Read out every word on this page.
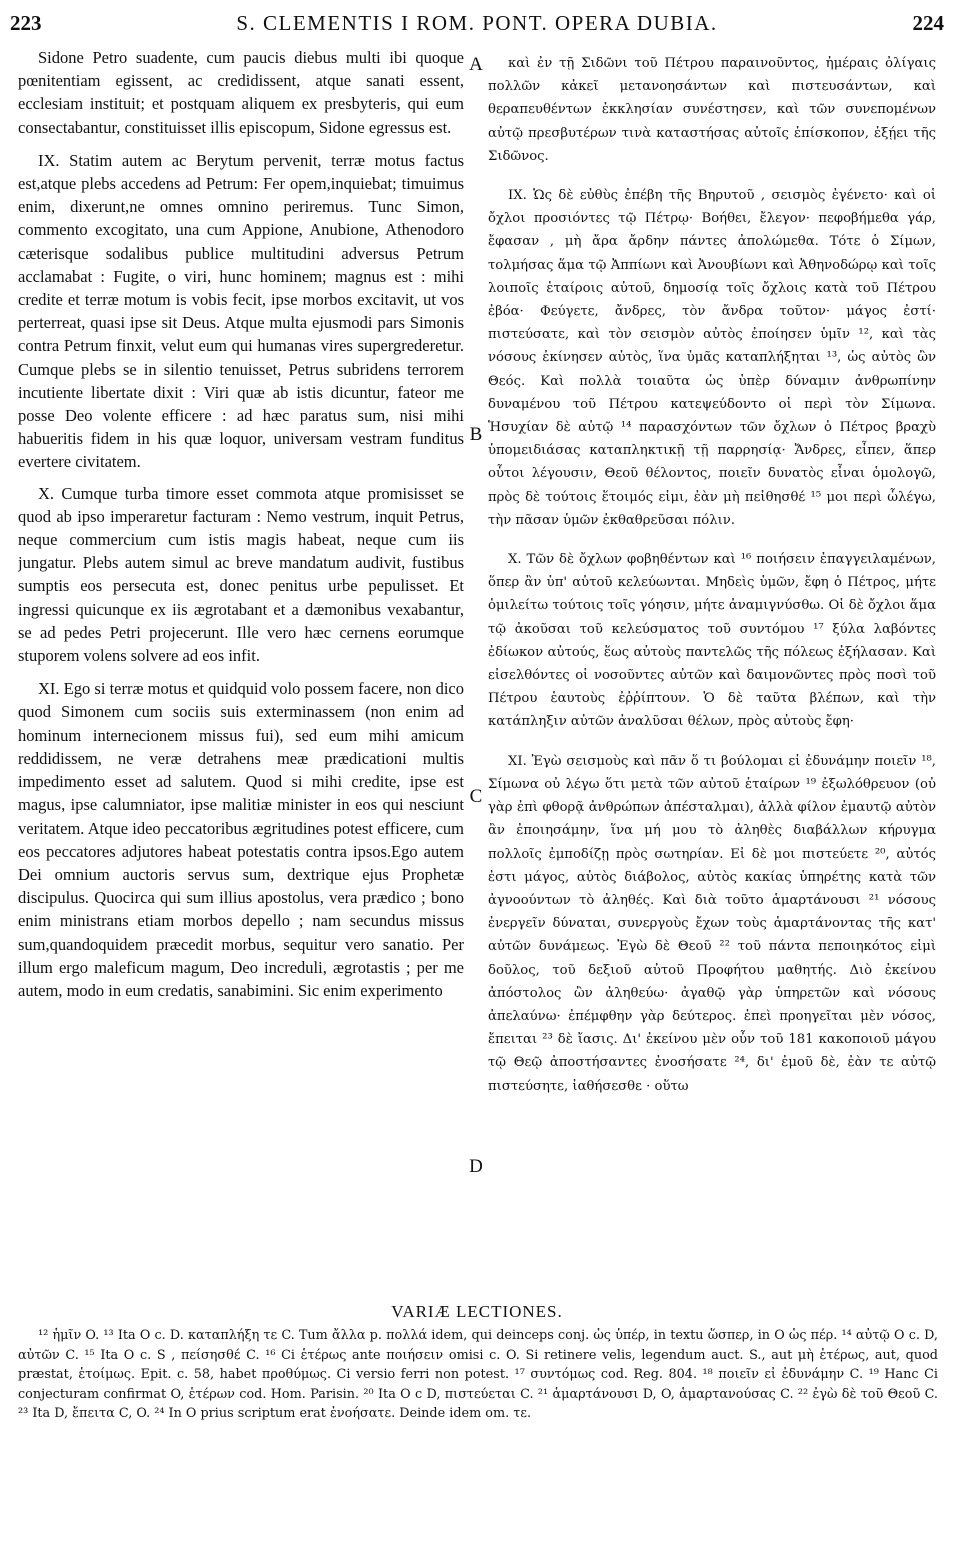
223	S. CLEMENTIS I ROM. PONT. OPERA DUBIA.	224

Sidone Petro suadente, cum paucis diebus multi ibi quoque pœnitentiam egissent, ac credidissent, atque sanati essent, ecclesiam instituit; et postquam aliquem ex presbyteris, qui eum consectabantur, constituisset illis episcopum, Sidone egressus est.

IX. Statim autem ac Berytum pervenit, terræ motus factus est,atque plebs accedens ad Petrum: Fer opem,inquiebat; timuimus enim, dixerunt,ne omnes omnino periremus. Tunc Simon, commento excogitato, una cum Appione, Anubione, Athenodoro cæterisque sodalibus publice multitudini adversus Petrum acclamabat : Fugite, o viri, hunc hominem; magnus est : mihi credite et terræ motum is vobis fecit, ipse morbos excitavit, ut vos perterreat, quasi ipse sit Deus. Atque multa ejusmodi pars Simonis contra Petrum finxit, velut eum qui humanas vires supergrederetur. Cumque plebs se in silentio tenuisset, Petrus subridens terrorem incutiente libertate dixit : Viri quæ ab istis dicuntur, fateor me posse Deo volente efficere : ad hæc paratus sum, nisi mihi habueritis fidem in his quæ loquor, universam vestram funditus evertere civitatem.

X. Cumque turba timore esset commota atque promisisset se quod ab ipso imperaretur facturam : Nemo vestrum, inquit Petrus, neque commercium cum istis magis habeat, neque cum iis jungatur. Plebs autem simul ac breve mandatum audivit, fustibus sumptis eos persecuta est, donec penitus urbe pepulisset. Et ingressi quicunque ex iis ægrotabant et a dæmonibus vexabantur, se ad pedes Petri projecerunt. Ille vero hæc cernens eorumque stuporem volens solvere ad eos infit.

XI. Ego si terræ motus et quidquid volo possem facere, non dico quod Simonem cum sociis suis exterminassem (non enim ad hominum internecionem missus fui), sed eum mihi amicum reddidissem, ne veræ detrahens meæ prædicationi multis impedimento esset ad salutem. Quod si mihi credite, ipse est magus, ipse calumniator, ipse malitiæ minister in eos qui nesciunt veritatem. Atque ideo peccatoribus ægritudines potest efficere, cum eos peccatores adjutores habeat potestatis contra ipsos.Ego autem Dei omnium auctoris servus sum, dextrique ejus Prophetæ discipulus. Quocirca qui sum illius apostolus, vera prædico ; bono enim ministrans etiam morbos depello ; nam secundus missus sum,quandoquidem præcedit morbus, sequitur vero sanatio. Per illum ergo maleficum magum, Deo increduli, ægrotastis ; per me autem, modo in eum credatis, sanabimini. Sic enim experimento

A
B
C
D

καὶ ἐν τῇ Σιδῶνι τοῦ Πέτρου παραινοῦντος, ἡμέραις ὀλίγαις πολλῶν κἀκεῖ μετανοησάντων καὶ πιστευσάντων, καὶ θεραπευθέντων ἐκκλησίαν συνέστησεν, καὶ τῶν συνεπομένων αὐτῷ πρεσβυτέρων τινὰ καταστήσας αὐτοῖς ἐπίσκοπον, ἐξῄει τῆς Σιδῶνος.

IX. Ὡς δὲ εὐθὺς ἐπέβη τῆς Βηρυτοῦ , σεισμὸς ἐγένετο· καὶ οἱ ὄχλοι προσιόντες τῷ Πέτρῳ· Βοήθει, ἔλεγον· πεφοβήμεθα γάρ, ἔφασαν , μὴ ἄρα ἄρδην πάντες ἀπολώμεθα. Τότε ὁ Σίμων, τολμήσας ἅμα τῷ Ἀππίωνι καὶ Ἀνουβίωνι καὶ Ἀθηνοδώρῳ καὶ τοῖς λοιποῖς ἑταίροις αὐτοῦ, δημοσίᾳ τοῖς ὄχλοις κατὰ τοῦ Πέτρου ἐβόα· Φεύγετε, ἄνδρες, τὸν ἄνδρα τοῦτον· μάγος ἐστί· πιστεύσατε, καὶ τὸν σεισμὸν αὐτὸς ἐποίησεν ὑμῖν ¹², καὶ τὰς νόσους ἐκίνησεν αὐτὸς, ἵνα ὑμᾶς καταπλήξηται ¹³, ὡς αὐτὸς ὢν Θεός. Καὶ πολλὰ τοιαῦτα ὡς ὑπὲρ δύναμιν ἀνθρωπίνην δυναμένου τοῦ Πέτρου κατεψεύδοντο οἱ περὶ τὸν Σίμωνα. Ἡσυχίαν δὲ αὐτῷ ¹⁴ παρασχόντων τῶν ὄχλων ὁ Πέτρος βραχὺ ὑπομειδιάσας καταπληκτικῇ τῇ παρρησίᾳ· Ἄνδρες, εἶπεν, ἅπερ οὗτοι λέγουσιν, Θεοῦ θέλοντος, ποιεῖν δυνατὸς εἶναι ὁμολογῶ, πρὸς δὲ τούτοις ἕτοιμός εἰμι, ἐὰν μὴ πεἰθησθέ ¹⁵ μοι περὶ ὧλέγω, τὴν πᾶσαν ὑμῶν ἐκθαθρεῦσαι πόλιν.

X. Τῶν δὲ ὄχλων φοβηθέντων καὶ ¹⁶ ποιήσειν ἐπαγγειλαμένων, ὅπερ ἂν ὑπ' αὐτοῦ κελεύωνται. Μηδεὶς ὑμῶν, ἔφη ὁ Πέτρος, μήτε ὁμιλείτω τούτοις τοῖς γόησιν, μήτε ἀναμιγνύσθω. Οἱ δὲ ὄχλοι ἅμα τῷ ἀκοῦσαι τοῦ κελεύσματος τοῦ συντόμου ¹⁷ ξύλα λαβόντες ἐδίωκον αὐτούς, ἕως αὐτοὺς παντελῶς τῆς πόλεως ἐξήλασαν. Καὶ εἰσελθόντες οἱ νοσοῦντες αὐτῶν καὶ δαιμονῶντες πρὸς ποσὶ τοῦ Πέτρου ἑαυτοὺς ἐῤῥίπτουν. Ὁ δὲ ταῦτα βλέπων, καὶ τὴν κατάπληξιν αὐτῶν ἀναλῦσαι θέλων, πρὸς αὐτοὺς ἔφη·

XI. Ἐγὼ σεισμοὺς καὶ πᾶν ὅ τι βούλομαι εἰ ἐδυνάμην ποιεῖν ¹⁸, Σίμωνα οὐ λέγω ὅτι μετὰ τῶν αὐτοῦ ἑταίρων ¹⁹ ἐξωλόθρευον (οὐ γὰρ ἐπὶ φθορᾷ ἀνθρώπων ἀπέσταλμαι), ἀλλὰ φίλον ἐμαυτῷ αὐτὸν ἂν ἐποιησάμην, ἵνα μή μου τὸ ἀληθὲς διαβάλλων κήρυγμα πολλοῖς ἐμποδίζῃ πρὸς σωτηρίαν. Εἰ δὲ μοι πιστεύετε ²⁰, αὐτός ἐστι μάγος, αὐτὸς διάβολος, αὐτὸς κακίας ὑπηρέτης κατὰ τῶν ἀγνοούντων τὸ ἀληθές. Καὶ διὰ τοῦτο ἁμαρτάνουσι ²¹ νόσους ἐνεργεῖν δύναται, συνεργοὺς ἔχων τοὺς ἁμαρτάνοντας τῆς κατ' αὐτῶν δυνάμεως. Ἐγὼ δὲ Θεοῦ ²² τοῦ πάντα πεποιηκότος εἰμὶ δοῦλος, τοῦ δεξιοῦ αὐτοῦ Προφήτου μαθητής. Διὸ ἐκείνου ἀπόστολος ὢν ἀληθεύω· ἀγαθῷ γὰρ ὑπηρετῶν καὶ νόσους ἀπελαύνω· ἐπέμφθην γὰρ δεύτερος. ἐπεὶ προηγεῖται μὲν νόσος, ἔπειται ²³ δὲ ἴασις. Δι' ἐκείνου μὲν οὖν τοῦ 181 κακοποιοῦ μάγου τῷ Θεῷ ἀποστήσαντες ἐνοσήσατε ²⁴, δι' ἐμοῦ δὲ, ἐὰν τε αὐτῷ πιστεύσητε, ἰαθήσεσθε · οὕτω

VARIÆ LECTIONES.

¹² ἡμῖν O. ¹³ Ita O c. D. καταπλήξη τε C. Tum ἄλλα p. πολλά idem, qui deinceps conj. ὡς ὑπέρ, in textu ὥσπερ, in O ὡς πέρ. ¹⁴ αὐτῷ O c. D, αὐτῶν C. ¹⁵ Ita O c. S , πείσησθέ C. ¹⁶ Ci ἑτέρως ante ποιήσειν omisi c. O. Si retinere velis, legendum auct. S., aut μὴ ἑτέρως, aut, quod præstat, ἑτοίμως. Epit. c. 58, habet προθύμως. Ci versio ferri non potest. ¹⁷ συντόμως cod. Reg. 804. ¹⁸ ποιεῖν εἰ ἐδυνάμην C. ¹⁹ Hanc Ci conjecturam confirmat O, ἑτέρων cod. Hom. Parisin. ²⁰ Ita O c D, πιστεύεται C. ²¹ ἁμαρτάνουσι D, O, ἁμαρτανούσας C. ²² ἐγὼ δὲ τοῦ Θεοῦ C. ²³ Ita D, ἔπειτα C, O. ²⁴ In O prius scriptum erat ἐνοήσατε. Deinde idem om. τε.
